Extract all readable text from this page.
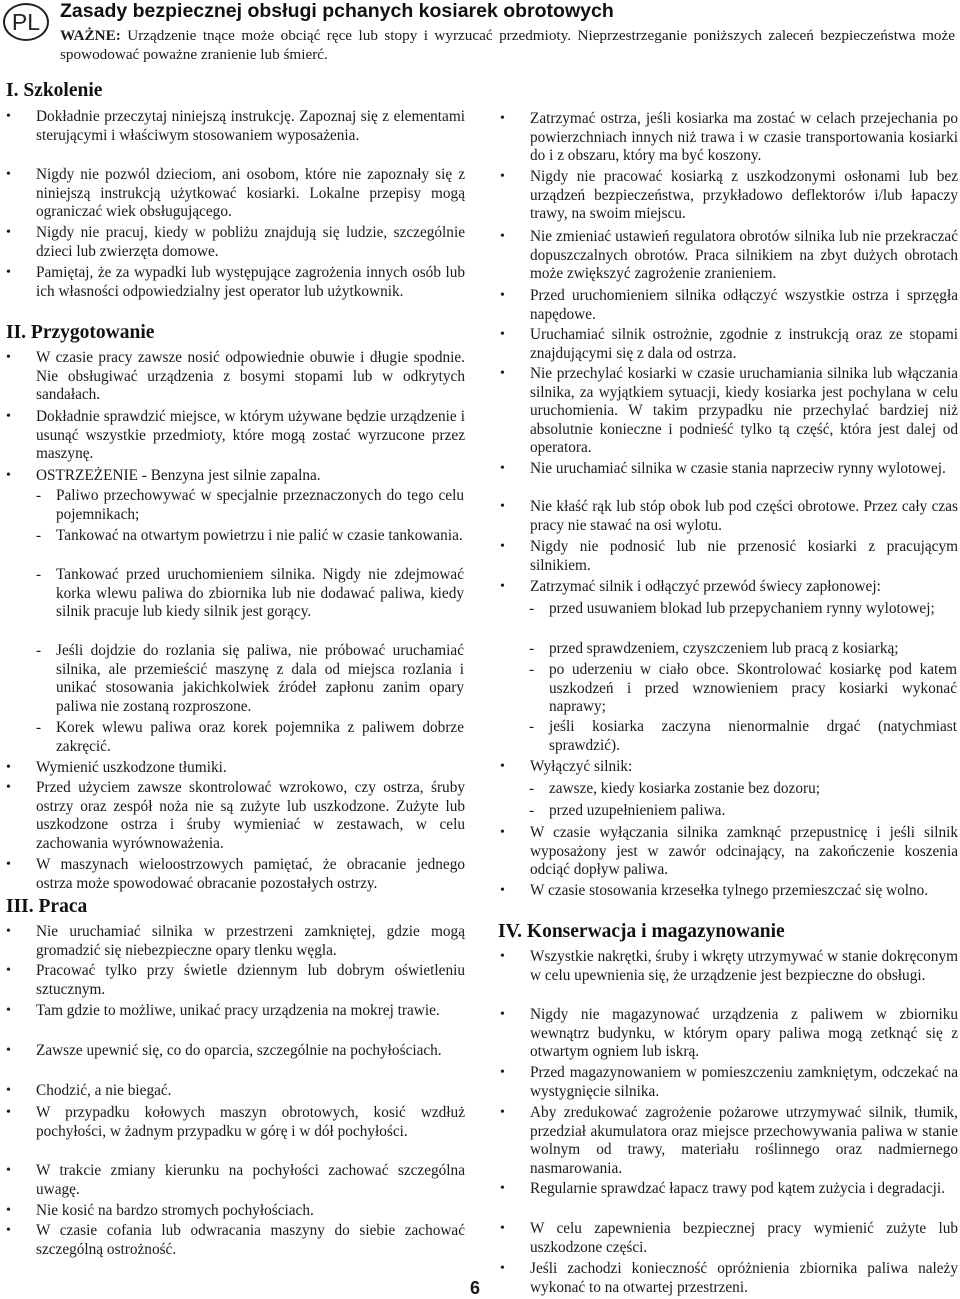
PL	Zasady bezpiecznej obsługi pchanych kosiarek obrotowych
WAŻNE: Urządzenie tnące może obciąć ręce lub stopy i wyrzucać przedmioty. Nieprzestrzeganie poniższych zaleceń bezpieczeństwa może spowodować poważne zranienie lub śmierć.
I. Szkolenie
• Dokładnie przeczytaj niniejszą instrukcję. Zapoznaj się z elementami sterującymi i właściwym stosowaniem wyposażenia.
• Nigdy nie pozwól dzieciom, ani osobom, które nie zapoznały się z niniejszą instrukcją użytkować kosiarki. Lokalne przepisy mogą ograniczać wiek obsługującego.
• Nigdy nie pracuj, kiedy w pobliżu znajdują się ludzie, szczególnie dzieci lub zwierzęta domowe.
• Pamiętaj, że za wypadki lub występujące zagrożenia innych osób lub ich własności odpowiedzialny jest operator lub użytkownik.
II. Przygotowanie
• W czasie pracy zawsze nosić odpowiednie obuwie i długie spodnie. Nie obsługiwać urządzenia z bosymi stopami lub w odkrytych sandałach.
• Dokładnie sprawdzić miejsce, w którym używane będzie urządzenie i usunąć wszystkie przedmioty, które mogą zostać wyrzucone przez maszynę.
• OSTRZEŻENIE - Benzyna jest silnie zapalna.
- Paliwo przechowywać w specjalnie przeznaczonych do tego celu pojemnikach;
- Tankować na otwartym powietrzu i nie palić w czasie tankowania.
- Tankować przed uruchomieniem silnika. Nigdy nie zdejmować korka wlewu paliwa do zbiornika lub nie dodawać paliwa, kiedy silnik pracuje lub kiedy silnik jest gorący.
- Jeśli dojdzie do rozlania się paliwa, nie próbować uruchamiać silnika, ale przemieścić maszynę z dala od miejsca rozlania i unikać stosowania jakichkolwiek źródeł zapłonu zanim opary paliwa nie zostaną rozproszone.
- Korek wlewu paliwa oraz korek pojemnika z paliwem dobrze zakręcić.
• Wymienić uszkodzone tłumiki.
• Przed użyciem zawsze skontrolować wzrokowo, czy ostrza, śruby ostrzy oraz zespół noża nie są zużyte lub uszkodzone. Zużyte lub uszkodzone ostrza i śruby wymieniać w zestawach, w celu zachowania wyrównoważenia.
• W maszynach wieloostrzowych pamiętać, że obracanie jednego ostrza może spowodować obracanie pozostałych ostrzy.
III. Praca
• Nie uruchamiać silnika w przestrzeni zamkniętej, gdzie mogą gromadzić się niebezpieczne opary tlenku węgla.
• Pracować tylko przy świetle dziennym lub dobrym oświetleniu sztucznym.
• Tam gdzie to możliwe, unikać pracy urządzenia na mokrej trawie.
• Zawsze upewnić się, co do oparcia, szczególnie na pochyłościach.
• Chodzić, a nie biegać.
• W przypadku kołowych maszyn obrotowych, kosić wzdłuż pochyłości, w żadnym przypadku w górę i w dół pochyłości.
• W trakcie zmiany kierunku na pochyłości zachować szczególna uwagę.
• Nie kosić na bardzo stromych pochyłościach.
• W czasie cofania lub odwracania maszyny do siebie zachować szczególną ostrożność.
• Zatrzymać ostrza, jeśli kosiarka ma zostać w celach przejechania po powierzchniach innych niż trawa i w czasie transportowania kosiarki do i z obszaru, który ma być koszony.
• Nigdy nie pracować kosiarką z uszkodzonymi osłonami lub bez urządzeń bezpieczeństwa, przykładowo deflektorów i/lub łapaczy trawy, na swoim miejscu.
• Nie zmieniać ustawień regulatora obrotów silnika lub nie przekraczać dopuszczalnych obrotów. Praca silnikiem na zbyt dużych obrotach może zwiększyć zagrożenie zranieniem.
• Przed uruchomieniem silnika odłączyć wszystkie ostrza i sprzęgła napędowe.
• Uruchamiać silnik ostrożnie, zgodnie z instrukcją oraz ze stopami znajdującymi się z dala od ostrza.
• Nie przechylać kosiarki w czasie uruchamiania silnika lub włączania silnika, za wyjątkiem sytuacji, kiedy kosiarka jest pochylana w celu uruchomienia. W takim przypadku nie przechylać bardziej niż absolutnie konieczne i podnieść tylko tą część, która jest dalej od operatora.
• Nie uruchamiać silnika w czasie stania naprzeciw rynny wylotowej.
• Nie kłaść rąk lub stóp obok lub pod części obrotowe. Przez cały czas pracy nie stawać na osi wylotu.
• Nigdy nie podnosić lub nie przenosić kosiarki z pracującym silnikiem.
• Zatrzymać silnik i odłączyć przewód świecy zapłonowej:
- przed usuwaniem blokad lub przepychaniem rynny wylotowej;
- przed sprawdzeniem, czyszczeniem lub pracą z kosiarką;
- po uderzeniu w ciało obce. Skontrolować kosiarkę pod katem uszkodzeń i przed wznowieniem pracy kosiarki wykonać naprawy;
- jeśli kosiarka zaczyna nienormalnie drgać (natychmiast sprawdzić).
• Wyłączyć silnik:
- zawsze, kiedy kosiarka zostanie bez dozoru;
- przed uzupełnieniem paliwa.
• W czasie wyłączania silnika zamknąć przepustnicę i jeśli silnik wyposażony jest w zawór odcinający, na zakończenie koszenia odciąć dopływ paliwa.
• W czasie stosowania krzesełka tylnego przemieszczać się wolno.
IV. Konserwacja i magazynowanie
• Wszystkie nakrętki, śruby i wkręty utrzymywać w stanie dokręconym w celu upewnienia się, że urządzenie jest bezpieczne do obsługi.
• Nigdy nie magazynować urządzenia z paliwem w zbiorniku wewnątrz budynku, w którym opary paliwa mogą zetknąć się z otwartym ogniem lub iskrą.
• Przed magazynowaniem w pomieszczeniu zamkniętym, odczekać na wystygnięcie silnika.
• Aby zredukować zagrożenie pożarowe utrzymywać silnik, tłumik, przedział akumulatora oraz miejsce przechowywania paliwa w stanie wolnym od trawy, materiału roślinnego oraz nadmiernego nasmarowania.
• Regularnie sprawdzać łapacz trawy pod kątem zużycia i degradacji.
• W celu zapewnienia bezpiecznej pracy wymienić zużyte lub uszkodzone części.
• Jeśli zachodzi konieczność opróżnienia zbiornika paliwa należy wykonać to na otwartej przestrzeni.
6
